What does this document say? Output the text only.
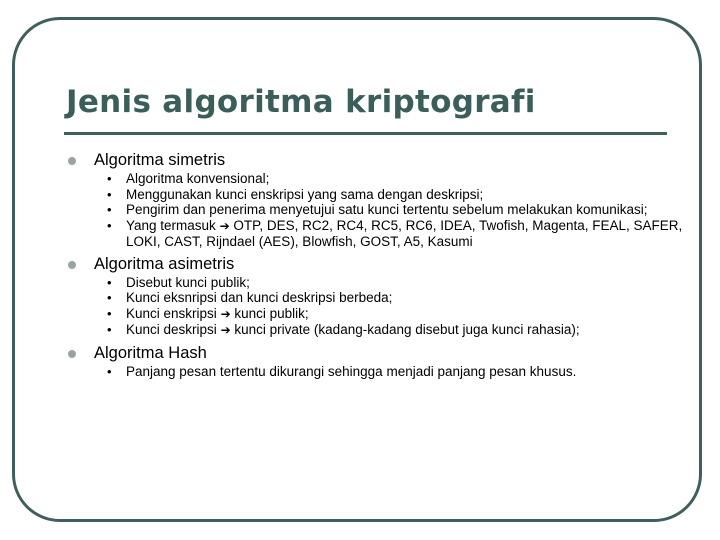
Jenis algoritma kriptografi
Algoritma simetris
• Algoritma konvensional;
• Menggunakan kunci enskripsi yang sama dengan deskripsi;
• Pengirim dan penerima menyetujui satu kunci tertentu sebelum melakukan komunikasi;
• Yang termasuk ➔ OTP, DES, RC2, RC4, RC5, RC6, IDEA, Twofish, Magenta, FEAL, SAFER, LOKI, CAST, Rijndael (AES), Blowfish, GOST, A5, Kasumi
Algoritma asimetris
• Disebut kunci publik;
• Kunci eksnripsi dan kunci deskripsi berbeda;
• Kunci enskripsi ➔ kunci publik;
• Kunci deskripsi ➔ kunci private (kadang-kadang disebut juga kunci rahasia);
Algoritma Hash
• Panjang pesan tertentu dikurangi sehingga menjadi panjang pesan khusus.
